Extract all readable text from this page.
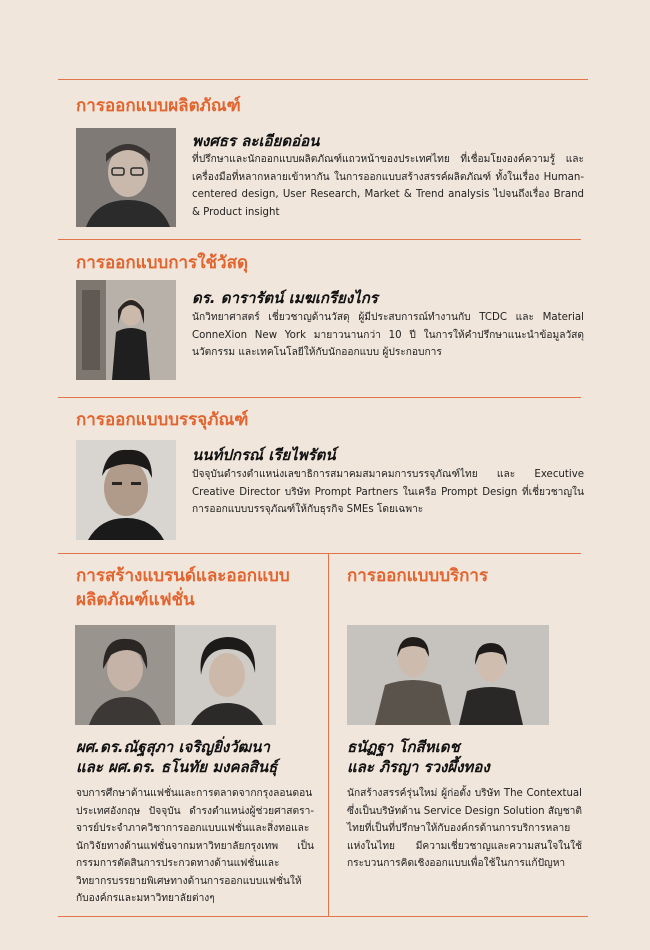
การออกแบบผลิตภัณฑ์
พงศธร ละเอียดอ่อน

ที่ปรึกษาและนักออกแบบผลิตภัณฑ์แถวหน้าของประเทศไทย ที่เชื่อมโยงองค์ความรู้ และเครื่องมือที่หลากหลายเข้าหากัน ในการออกแบบสร้างสรรค์ผลิตภัณฑ์ ทั้งในเรื่อง Human-centered design, User Research, Market & Trend analysis ไปจนถึงเรื่อง Brand & Product insight

การออกแบบการใช้วัสดุ
ดร. ดารารัตน์ เมฆเกรียงไกร

นักวิทยาศาสตร์ เชี่ยวชาญด้านวัสดุ ผู้มีประสบการณ์ทำงานกับ TCDC และ Material ConneXion New York มายาวนานกว่า 10 ปี ในการให้คำปรึกษาแนะนำข้อมูลวัสดุนวัตกรรม และเทคโนโลยีให้กับนักออกแบบ ผู้ประกอบการ

การออกแบบบรรจุภัณฑ์
นนท์ปกรณ์ เรียไพรัตน์

ปัจจุบันดำรงตำแหน่งเลขาธิการสมาคมสมาคมการบรรจุภัณฑ์ไทย และ Executive Creative Director บริษัท Prompt Partners ในเครือ Prompt Design ที่เชี่ยวชาญในการออกแบบบรรจุภัณฑ์ให้กับธุรกิจ SMEs โดยเฉพาะ

การสร้างแบรนด์และออกแบบ
ผลิตภัณฑ์แฟชั่น
ผศ.ดร.ณัฐสุภา เจริญยิ่งวัฒนา
และ ผศ.ดร. ธโนทัย มงคลสินธุ์

จบการศึกษาด้านแฟชั่นและการตลาดจากกรุงลอนดอน ประเทศอังกฤษ ปัจจุบัน ดำรงตำแหน่งผู้ช่วยศาสตรา-จารย์ประจำภาควิชาการออกแบบแฟชั่นและสิ่งทอและนักวิจัยทางด้านแฟชั่นจากมหาวิทยาลัยกรุงเทพ เป็นกรรมการตัดสินการประกวดทางด้านแฟชั่นและวิทยากรบรรยายพิเศษทางด้านการออกแบบแฟชั่นให้กับองค์กรและมหาวิทยาลัยต่างๆ

การออกแบบบริการ
ธนัฏฐา โกสีหเดช
และ ภิรญา รวงผึ้งทอง

นักสร้างสรรค์รุ่นใหม่ ผู้ก่อตั้ง บริษัท The Contextual ซึ่งเป็นบริษัทด้าน Service Design Solution สัญชาติไทยที่เป็นที่ปรึกษาให้กับองค์กรด้านการบริการหลายแห่งในไทย มีความเชี่ยวชาญและความสนใจในใช้กระบวนการคิดเชิงออกแบบเพื่อใช้ในการแก้ปัญหา
